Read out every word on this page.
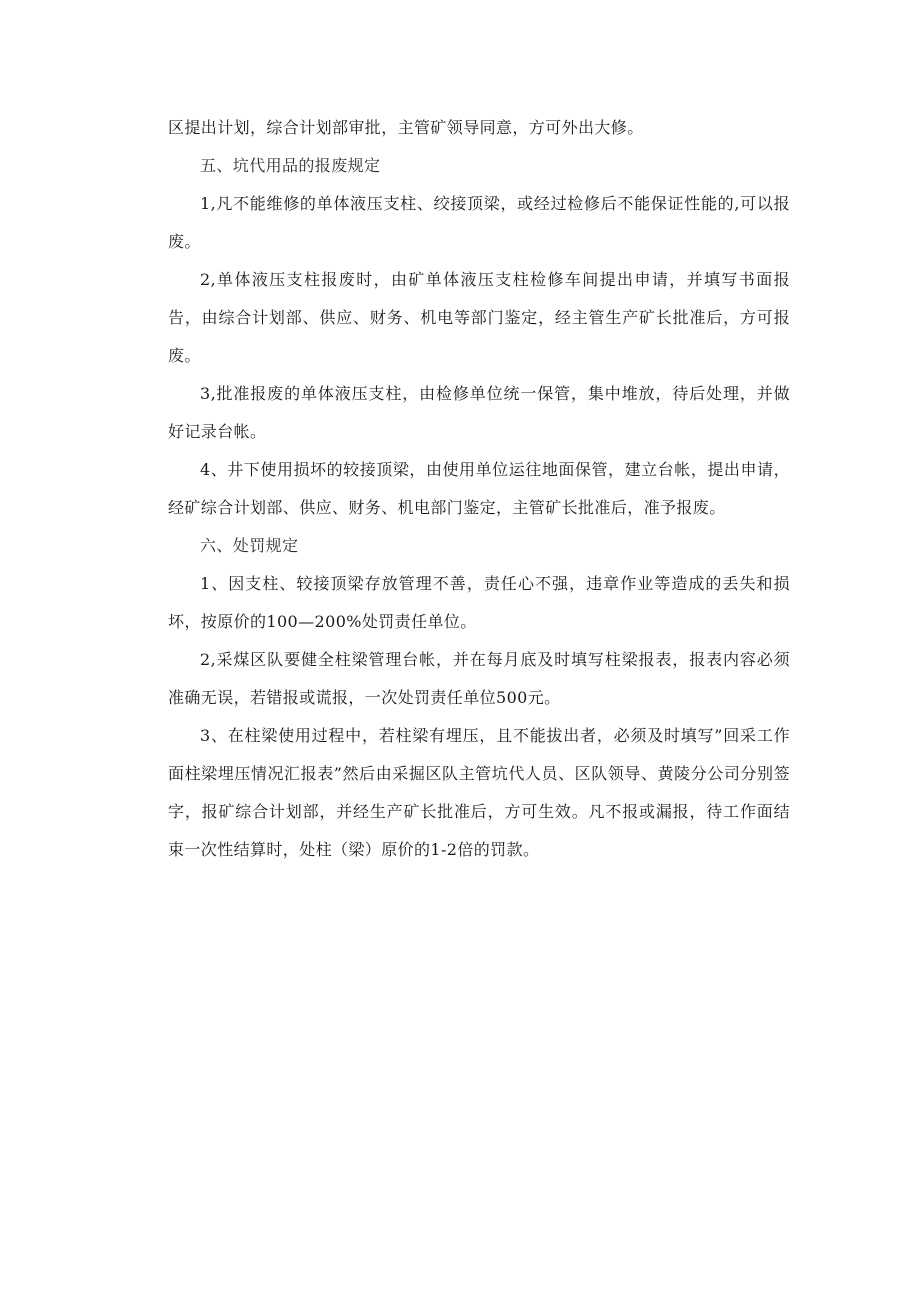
区提出计划，综合计划部审批，主管矿领导同意，方可外出大修。

五、坑代用品的报废规定

1,凡不能维修的单体液压支柱、绞接顶梁，或经过检修后不能保证性能的,可以报废。

2,单体液压支柱报废时，由矿单体液压支柱检修车间提出申请，并填写书面报告，由综合计划部、供应、财务、机电等部门鉴定，经主管生产矿长批准后，方可报废。

3,批准报废的单体液压支柱，由检修单位统一保管，集中堆放，待后处理，并做好记录台帐。

4、井下使用损坏的较接顶梁，由使用单位运往地面保管，建立台帐，提出申请，经矿综合计划部、供应、财务、机电部门鉴定，主管矿长批准后，准予报废。

六、处罚规定

1、因支柱、较接顶梁存放管理不善，责任心不强，违章作业等造成的丢失和损坏，按原价的100—200%处罚责任单位。

2,采煤区队要健全柱梁管理台帐，并在每月底及时填写柱梁报表，报表内容必须准确无误，若错报或谎报，一次处罚责任单位500元。

3、在柱梁使用过程中，若柱梁有埋压，且不能拔出者，必须及时填写”回采工作面柱梁埋压情况汇报表”然后由采掘区队主管坑代人员、区队领导、黄陵分公司分别签字，报矿综合计划部，并经生产矿长批准后，方可生效。凡不报或漏报，待工作面结束一次性结算时，处柱（梁）原价的1-2倍的罚款。
